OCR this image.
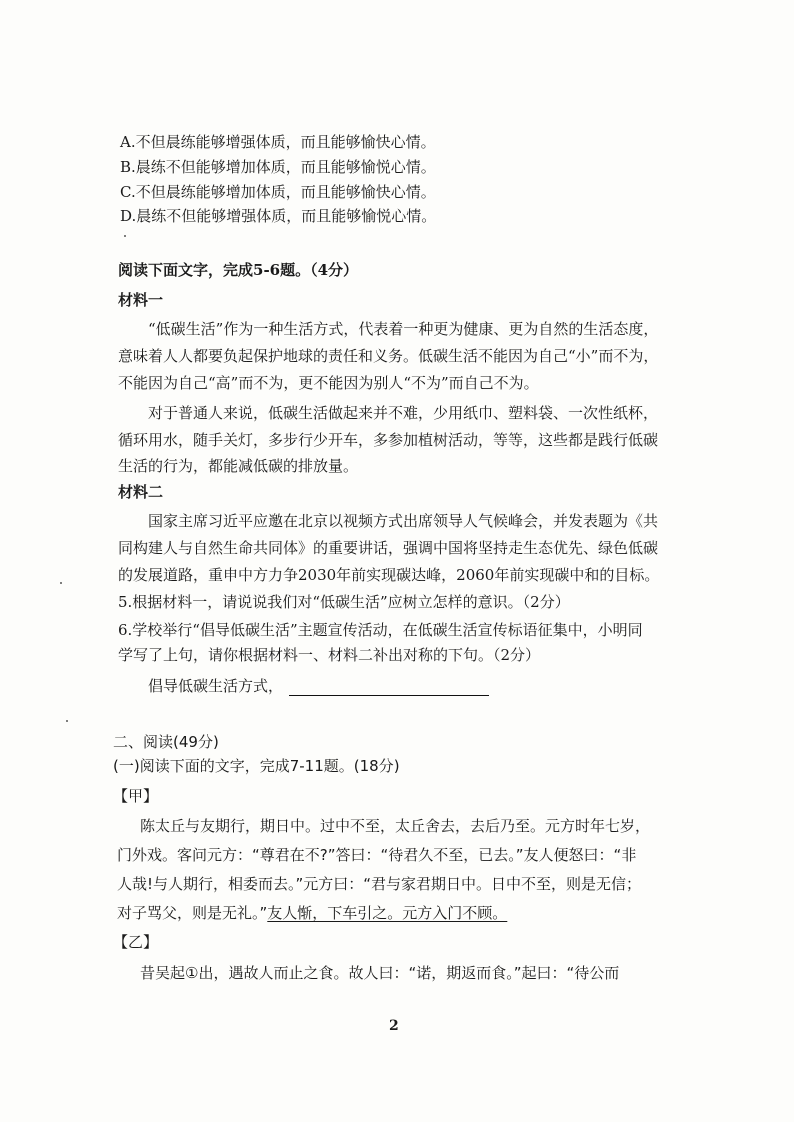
A.不但晨练能够增强体质，而且能够愉快心情。
B.晨练不但能够增加体质，而且能够愉悦心情。
C.不但晨练能够增加体质，而且能够愉快心情。
D.晨练不但能够增强体质，而且能够愉悦心情。
阅读下面文字，完成5-6题。（4分）
材料一
“低碳生活”作为一种生活方式，代表着一种更为健康、更为自然的生活态度，
意味着人人都要负起保护地球的责任和义务。低碳生活不能因为自己“小”而不为，
不能因为自己“高”而不为，更不能因为别人“不为”而自己不为。
对于普通人来说，低碳生活做起来并不难，少用纸巾、塑料袋、一次性纸杯，
循环用水，随手关灯，多步行少开车，多参加植树活动，等等，这些都是践行低碳
生活的行为，都能减低碳的排放量。
材料二
国家主席习近平应邀在北京以视频方式出席领导人气候峰会，并发表题为《共
同构建人与自然生命共同体》的重要讲话，强调中国将坚持走生态优先、绿色低碳
的发展道路，重申中方力争2030年前实现碳达峰，2060年前实现碳中和的目标。
5.根据材料一，请说说我们对“低碳生活”应树立怎样的意识。（2分）
6.学校举行“倡导低碳生活”主题宣传活动，在低碳生活宣传标语征集中，小明同
学写了上句，请你根据材料一、材料二补出对称的下句。（2分）
倡导低碳生活方式，
二、阅读(49分)
(一)阅读下面的文字，完成7-11题。(18分)
【甲】
陈太丘与友期行，期日中。过中不至，太丘舍去，去后乃至。元方时年七岁，
门外戏。客问元方：“尊君在不?”答曰：“待君久不至，已去。”友人便怒曰：“非
人哉!与人期行，相委而去。”元方曰：“君与家君期日中。日中不至，则是无信；
对子骂父，则是无礼。”友人惭，下车引之。元方入门不顾。
【乙】
昔吴起①出，遇故人而止之食。故人曰：“诺，期返而食。”起曰：“待公而
2
